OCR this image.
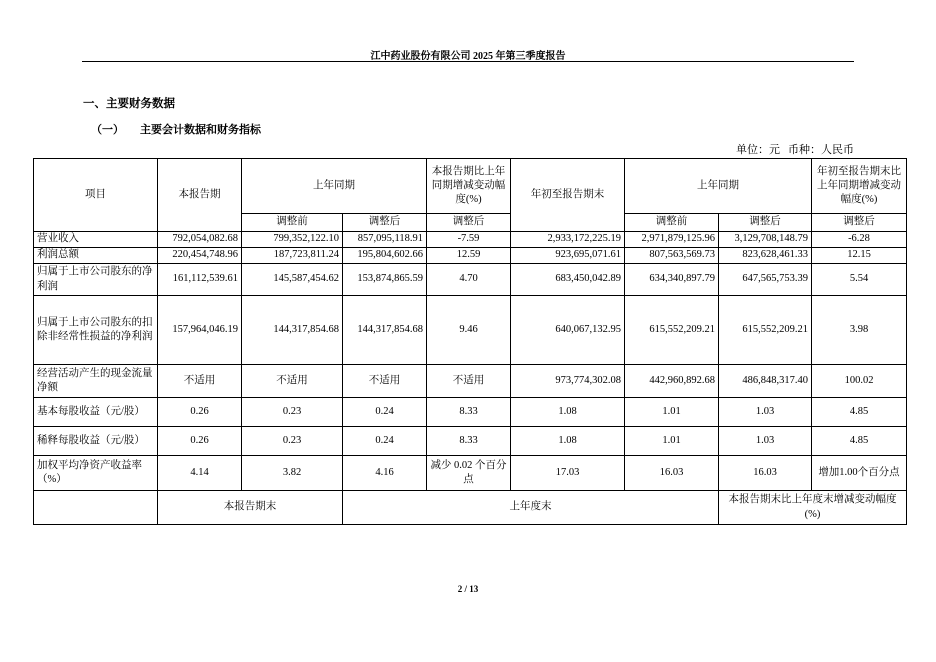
江中药业股份有限公司 2025 年第三季度报告
一、主要财务数据
（一） 主要会计数据和财务指标
单位：元 币种：人民币
项目	本报告期	上年同期		本报告期比上年同期增减变动幅度(%)	年初至报告期末	上年同期		年初至报告期末比上年同期增减变动幅度(%)
		调整前	调整后	调整后		调整前	调整后	调整后
营业收入	792,054,082.68	799,352,122.10	857,095,118.91	-7.59	2,933,172,225.19	2,971,879,125.96	3,129,708,148.79	-6.28
利润总额	220,454,748.96	187,723,811.24	195,804,602.66	12.59	923,695,071.61	807,563,569.73	823,628,461.33	12.15
归属于上市公司股东的净利润	161,112,539.61	145,587,454.62	153,874,865.59	4.70	683,450,042.89	634,340,897.79	647,565,753.39	5.54
归属于上市公司股东的扣除非经常性损益的净利润	157,964,046.19	144,317,854.68	144,317,854.68	9.46	640,067,132.95	615,552,209.21	615,552,209.21	3.98
经营活动产生的现金流量净额	不适用	不适用	不适用	不适用	973,774,302.08	442,960,892.68	486,848,317.40	100.02
基本每股收益（元/股）	0.26	0.23	0.24	8.33	1.08	1.01	1.03	4.85
稀释每股收益（元/股）	0.26	0.23	0.24	8.33	1.08	1.01	1.03	4.85
加权平均净资产收益率（%）	4.14	3.82	4.16	减少 0.02 个百分点	17.03	16.03	16.03	增加1.00个百分点
	本报告期末		上年度末				本报告期末比上年度末增减变动幅度(%)	
2 / 13
